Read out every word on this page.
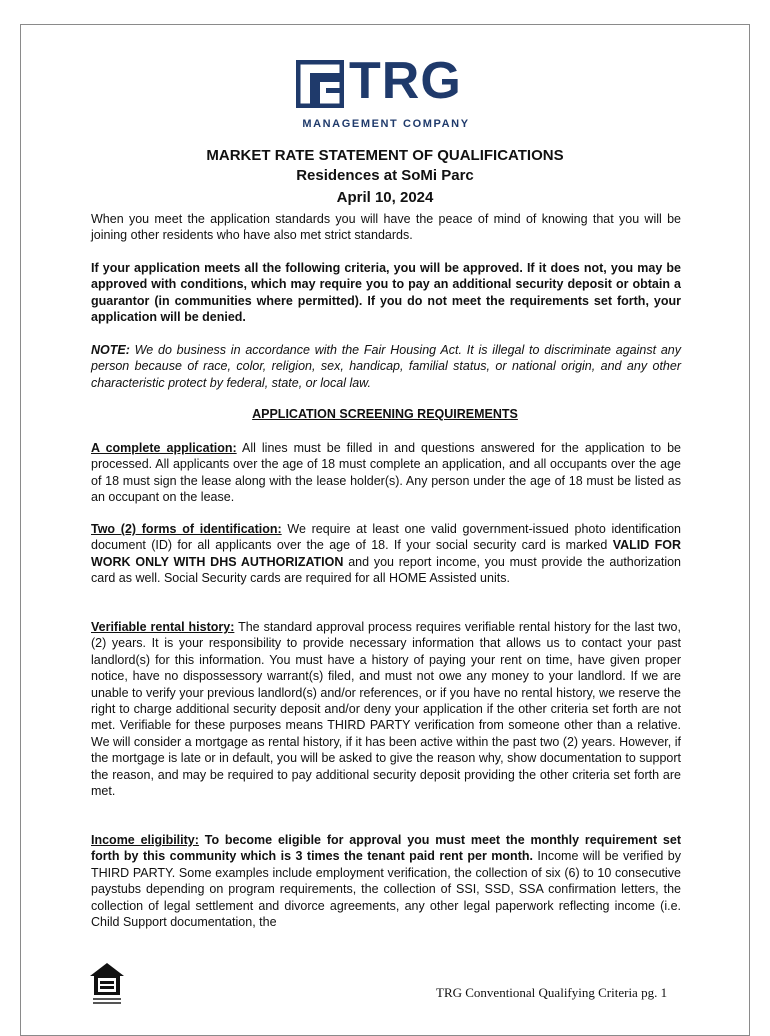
TRG
MANAGEMENT COMPANY
MARKET RATE STATEMENT OF QUALIFICATIONS
Residences at SoMi Parc
April 10, 2024
When you meet the application standards you will have the peace of mind of knowing that you will be joining other residents who have also met strict standards.
If your application meets all the following criteria, you will be approved. If it does not, you may be approved with conditions, which may require you to pay an additional security deposit or obtain a guarantor (in communities where permitted). If you do not meet the requirements set forth, your application will be denied.
NOTE: We do business in accordance with the Fair Housing Act. It is illegal to discriminate against any person because of race, color, religion, sex, handicap, familial status, or national origin, and any other characteristic protect by federal, state, or local law.
APPLICATION SCREENING REQUIREMENTS
A complete application: All lines must be filled in and questions answered for the application to be processed. All applicants over the age of 18 must complete an application, and all occupants over the age of 18 must sign the lease along with the lease holder(s). Any person under the age of 18 must be listed as an occupant on the lease.
Two (2) forms of identification: We require at least one valid government-issued photo identification document (ID) for all applicants over the age of 18. If your social security card is marked VALID FOR WORK ONLY WITH DHS AUTHORIZATION and you report income, you must provide the authorization card as well. Social Security cards are required for all HOME Assisted units.
Verifiable rental history: The standard approval process requires verifiable rental history for the last two, (2) years. It is your responsibility to provide necessary information that allows us to contact your past landlord(s) for this information. You must have a history of paying your rent on time, have given proper notice, have no dispossessory warrant(s) filed, and must not owe any money to your landlord. If we are unable to verify your previous landlord(s) and/or references, or if you have no rental history, we reserve the right to charge additional security deposit and/or deny your application if the other criteria set forth are not met. Verifiable for these purposes means THIRD PARTY verification from someone other than a relative. We will consider a mortgage as rental history, if it has been active within the past two (2) years. However, if the mortgage is late or in default, you will be asked to give the reason why, show documentation to support the reason, and may be required to pay additional security deposit providing the other criteria set forth are met.
Income eligibility: To become eligible for approval you must meet the monthly requirement set forth by this community which is 3 times the tenant paid rent per month. Income will be verified by THIRD PARTY. Some examples include employment verification, the collection of six (6) to 10 consecutive paystubs depending on program requirements, the collection of SSI, SSD, SSA confirmation letters, the collection of legal settlement and divorce agreements, any other legal paperwork reflecting income (i.e. Child Support documentation, the
TRG Conventional Qualifying Criteria pg. 1
